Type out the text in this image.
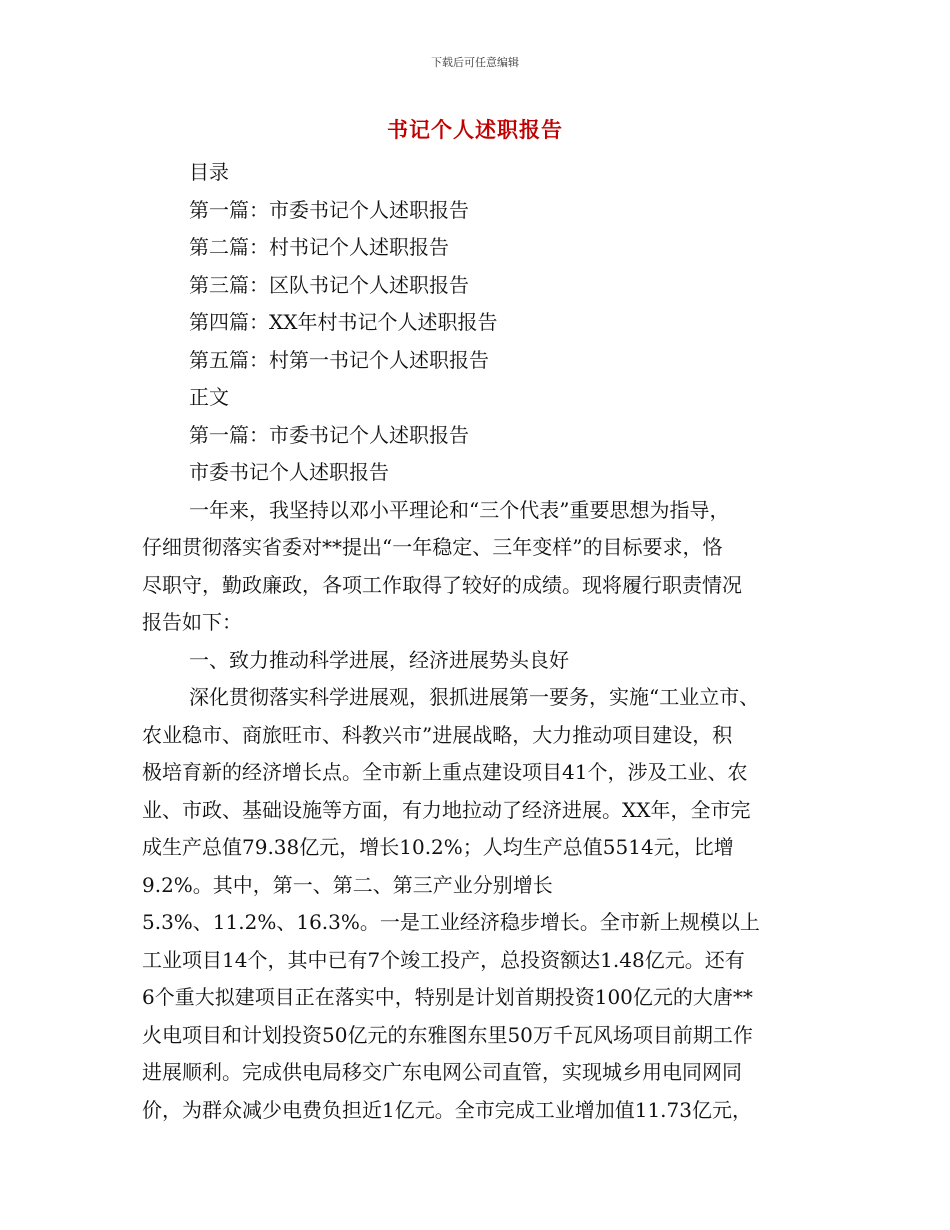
下载后可任意编辑
书记个人述职报告
目录
第一篇：市委书记个人述职报告
第二篇：村书记个人述职报告
第三篇：区队书记个人述职报告
第四篇：XX年村书记个人述职报告
第五篇：村第一书记个人述职报告
正文
第一篇：市委书记个人述职报告
市委书记个人述职报告
一年来，我坚持以邓小平理论和“三个代表”重要思想为指导，
仔细贯彻落实省委对**提出“一年稳定、三年变样”的目标要求，恪
尽职守，勤政廉政，各项工作取得了较好的成绩。现将履行职责情况
报告如下：
一、致力推动科学进展，经济进展势头良好
深化贯彻落实科学进展观，狠抓进展第一要务，实施“工业立市、
农业稳市、商旅旺市、科教兴市”进展战略，大力推动项目建设，积
极培育新的经济增长点。全市新上重点建设项目41个，涉及工业、农
业、市政、基础设施等方面，有力地拉动了经济进展。XX年，全市完
成生产总值79.38亿元，增长10.2%；人均生产总值5514元，比增
9.2%。其中，第一、第二、第三产业分别增长
5.3%、11.2%、16.3%。一是工业经济稳步增长。全市新上规模以上
工业项目14个，其中已有7个竣工投产，总投资额达1.48亿元。还有
6个重大拟建项目正在落实中，特别是计划首期投资100亿元的大唐**
火电项目和计划投资50亿元的东雅图东里50万千瓦风场项目前期工作
进展顺利。完成供电局移交广东电网公司直管，实现城乡用电同网同
价，为群众减少电费负担近1亿元。全市完成工业增加值11.73亿元，
